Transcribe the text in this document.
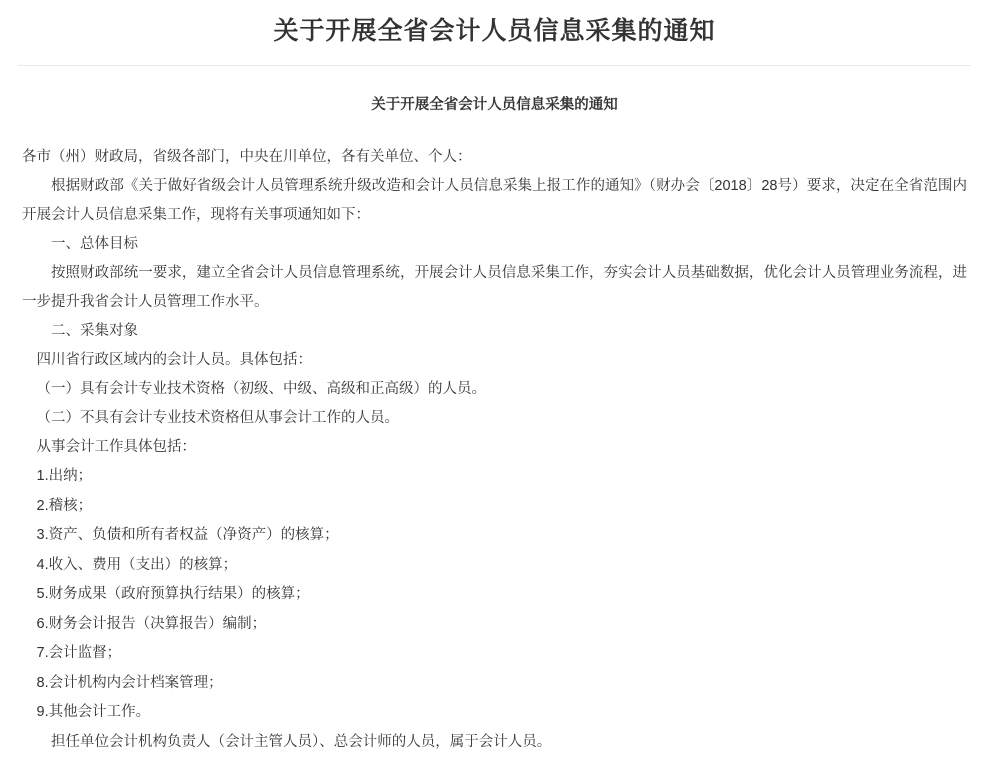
关于开展全省会计人员信息采集的通知
关于开展全省会计人员信息采集的通知

各市（州）财政局，省级各部门，中央在川单位，各有关单位、个人：

根据财政部《关于做好省级会计人员管理系统升级改造和会计人员信息采集上报工作的通知》（财办会〔2018〕28号）要求，决定在全省范围内开展会计人员信息采集工作，现将有关事项通知如下：

一、总体目标

按照财政部统一要求，建立全省会计人员信息管理系统，开展会计人员信息采集工作，夯实会计人员基础数据，优化会计人员管理业务流程，进一步提升我省会计人员管理工作水平。

二、采集对象

四川省行政区域内的会计人员。具体包括：

（一）具有会计专业技术资格（初级、中级、高级和正高级）的人员。

（二）不具有会计专业技术资格但从事会计工作的人员。

从事会计工作具体包括：

1.出纳；

2.稽核；

3.资产、负债和所有者权益（净资产）的核算；

4.收入、费用（支出）的核算；

5.财务成果（政府预算执行结果）的核算；

6.财务会计报告（决算报告）编制；

7.会计监督；

8.会计机构内会计档案管理；

9.其他会计工作。

担任单位会计机构负责人（会计主管人员）、总会计师的人员，属于会计人员。
